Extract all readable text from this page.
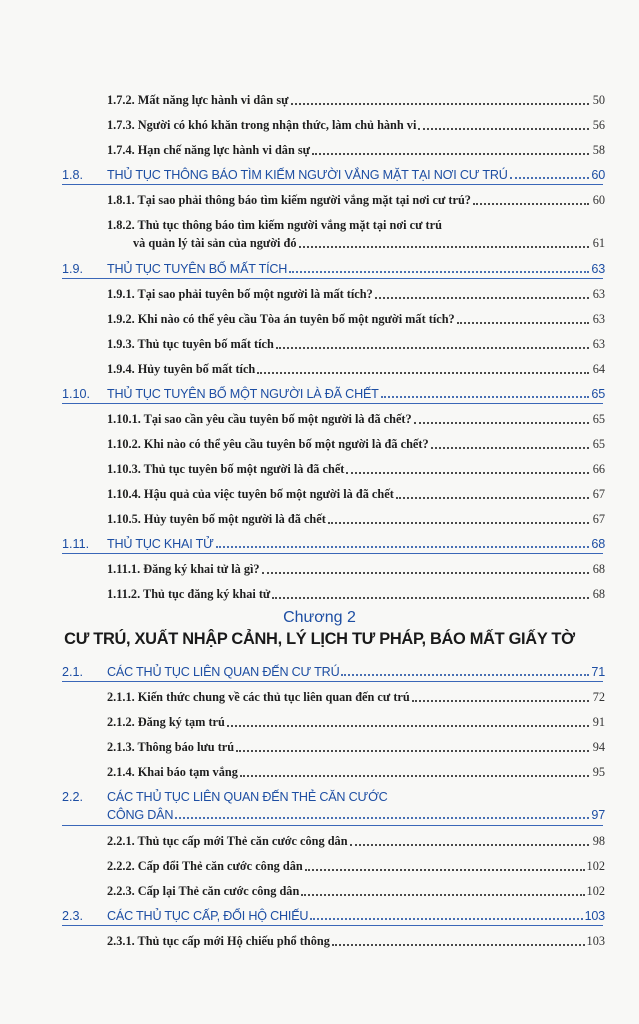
1.7.2. Mất năng lực hành vi dân sự	50
1.7.3. Người có khó khăn trong nhận thức, làm chủ hành vi	56
1.7.4. Hạn chế năng lực hành vi dân sự	58
1.8. THỦ TỤC THÔNG BÁO TÌM KIẾM NGƯỜI VẮNG MẶT TẠI NƠI CƯ TRÚ	60
1.8.1. Tại sao phải thông báo tìm kiếm người vắng mặt tại nơi cư trú?	60
1.8.2. Thủ tục thông báo tìm kiếm người vắng mặt tại nơi cư trú
và quản lý tài sản của người đó	61
1.9. THỦ TỤC TUYÊN BỐ MẤT TÍCH	63
1.9.1. Tại sao phải tuyên bố một người là mất tích?	63
1.9.2. Khi nào có thể yêu cầu Tòa án tuyên bố một người mất tích?	63
1.9.3. Thủ tục tuyên bố mất tích	63
1.9.4. Hủy tuyên bố mất tích	64
1.10. THỦ TỤC TUYÊN BỐ MỘT NGƯỜI LÀ ĐÃ CHẾT	65
1.10.1. Tại sao cần yêu cầu tuyên bố một người là đã chết?	65
1.10.2. Khi nào có thể yêu cầu tuyên bố một người là đã chết?	65
1.10.3. Thủ tục tuyên bố một người là đã chết	66
1.10.4. Hậu quả của việc tuyên bố một người là đã chết	67
1.10.5. Hủy tuyên bố một người là đã chết	67
1.11. THỦ TỤC KHAI TỬ	68
1.11.1. Đăng ký khai tử là gì?	68
1.11.2. Thủ tục đăng ký khai tử	68
Chương 2
CƯ TRÚ, XUẤT NHẬP CẢNH, LÝ LỊCH TƯ PHÁP, BÁO MẤT GIẤY TỜ
2.1. CÁC THỦ TỤC LIÊN QUAN ĐẾN CƯ TRÚ	71
2.1.1. Kiến thức chung về các thủ tục liên quan đến cư trú	72
2.1.2. Đăng ký tạm trú	91
2.1.3. Thông báo lưu trú	94
2.1.4. Khai báo tạm vắng	95
2.2. CÁC THỦ TỤC LIÊN QUAN ĐẾN THẺ CĂN CƯỚC
CÔNG DÂN	97
2.2.1. Thủ tục cấp mới Thẻ căn cước công dân	98
2.2.2. Cấp đổi Thẻ căn cước công dân	102
2.2.3. Cấp lại Thẻ căn cước công dân	102
2.3. CÁC THỦ TỤC CẤP, ĐỔI HỘ CHIẾU	103
2.3.1. Thủ tục cấp mới Hộ chiếu phổ thông	103
